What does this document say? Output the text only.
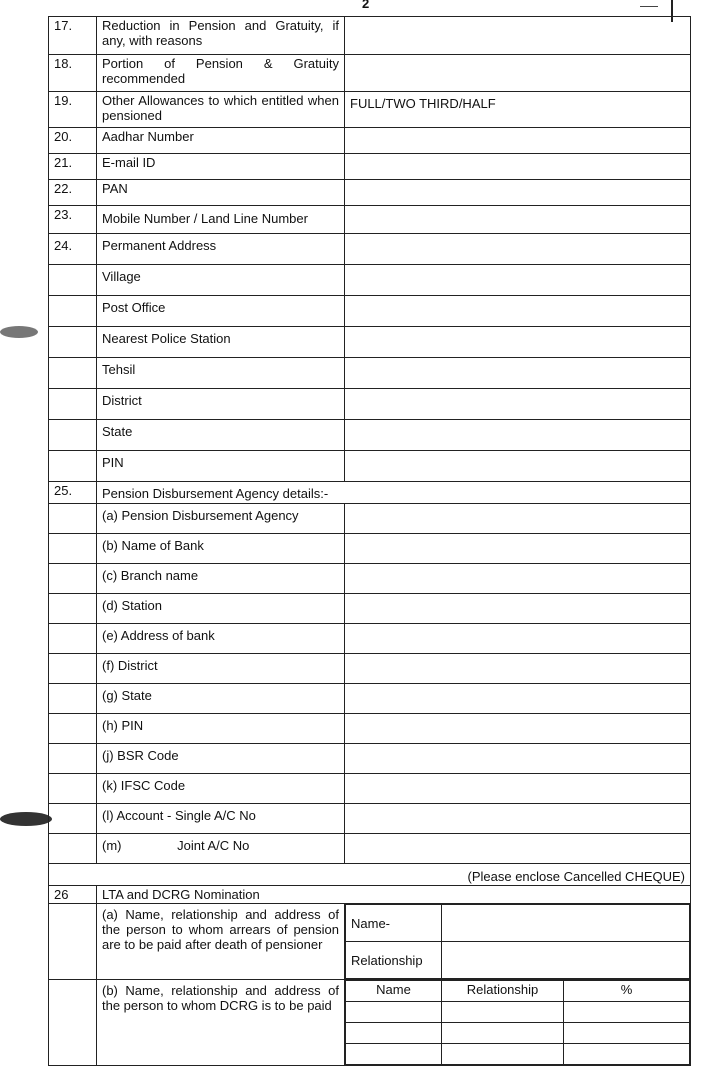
2
17.	Reduction in Pension and Gratuity, if any, with reasons	
18.	Portion of Pension & Gratuity recommended	
19.	Other Allowances to which entitled when pensioned	FULL/TWO THIRD/HALF
20.	Aadhar Number	
21.	E-mail ID	
22.	PAN	
23.	Mobile Number / Land Line Number	
24.	Permanent Address	
	Village	
	Post Office	
	Nearest Police Station	
	Tehsil	
	District	
	State	
	PIN	
25.	Pension Disbursement Agency details:-
	(a) Pension Disbursement Agency	
	(b) Name of Bank	
	(c) Branch name	
	(d) Station	
	(e) Address of bank	
	(f) District	
	(g) State	
	(h) PIN	
	(j) BSR Code	
	(k) IFSC Code	
	(l) Account - Single A/C No	
	(m)	Joint A/C No	
(Please enclose Cancelled CHEQUE)
26	LTA and DCRG Nomination
	(a) Name, relationship and address of the person to whom arrears of pension are to be paid after death of pensioner	
Name-	
Relationship	

	(b) Name, relationship and address of the person to whom DCRG is to be paid	
Name	Relationship	%
